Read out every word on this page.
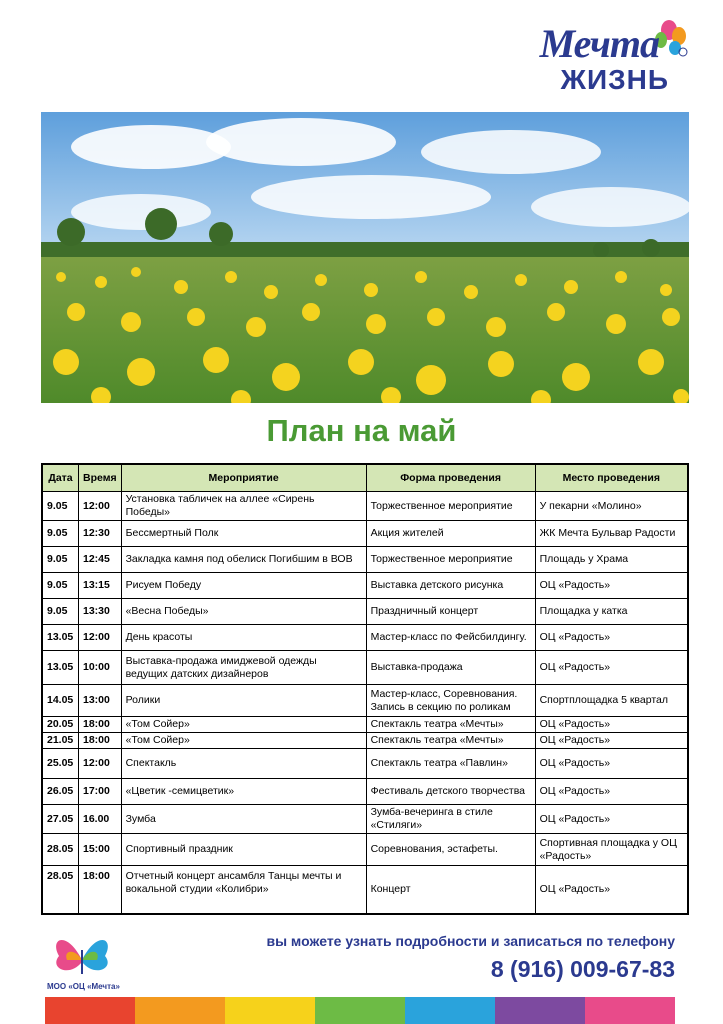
Мечта
ЖИЗНЬ
План на май
Дата	Время	Мероприятие	Форма проведения	Место проведения
9.05	12:00	Установка табличек на аллее «Сирень Победы»	Торжественное мероприятие	У пекарни «Молино»
9.05	12:30	Бессмертный Полк	Акция жителей	ЖК Мечта Бульвар Радости
9.05	12:45	Закладка камня под обелиск Погибшим в ВОВ	Торжественное мероприятие	Площадь у Храма
9.05	13:15	Рисуем Победу	Выставка детского рисунка	ОЦ «Радость»
9.05	13:30	«Весна Победы»	Праздничный концерт	Площадка у катка
13.05	12:00	День красоты	Мастер-класс по Фейсбилдингу.	ОЦ «Радость»
13.05	10:00	Выставка-продажа имиджевой одежды ведущих датских дизайнеров	Выставка-продажа	ОЦ «Радость»
14.05	13:00	Ролики	Мастер-класс, Соревнования. Запись в секцию по роликам	Спортплощадка 5 квартал
20.05	18:00	«Том Сойер»	Спектакль театра «Мечты»	ОЦ «Радость»
21.05	18:00	«Том Сойер»	Спектакль театра «Мечты»	ОЦ «Радость»
25.05	12:00	Спектакль	Спектакль театра «Павлин»	ОЦ «Радость»
26.05	17:00	«Цветик -семицветик»	Фестиваль детского творчества	ОЦ «Радость»
27.05	16.00	Зумба	Зумба-вечеринга в стиле «Стиляги»	ОЦ «Радость»
28.05	15:00	Спортивный праздник	Соревнования, эстафеты.	Спортивная площадка у ОЦ «Радость»
28.05	18:00	Отчетный концерт ансамбля Танцы мечты и вокальной студии «Колибри»	Концерт	ОЦ «Радость»
МОО «ОЦ «Мечта»
вы можете узнать подробности и записаться по телефону
8 (916) 009-67-83
